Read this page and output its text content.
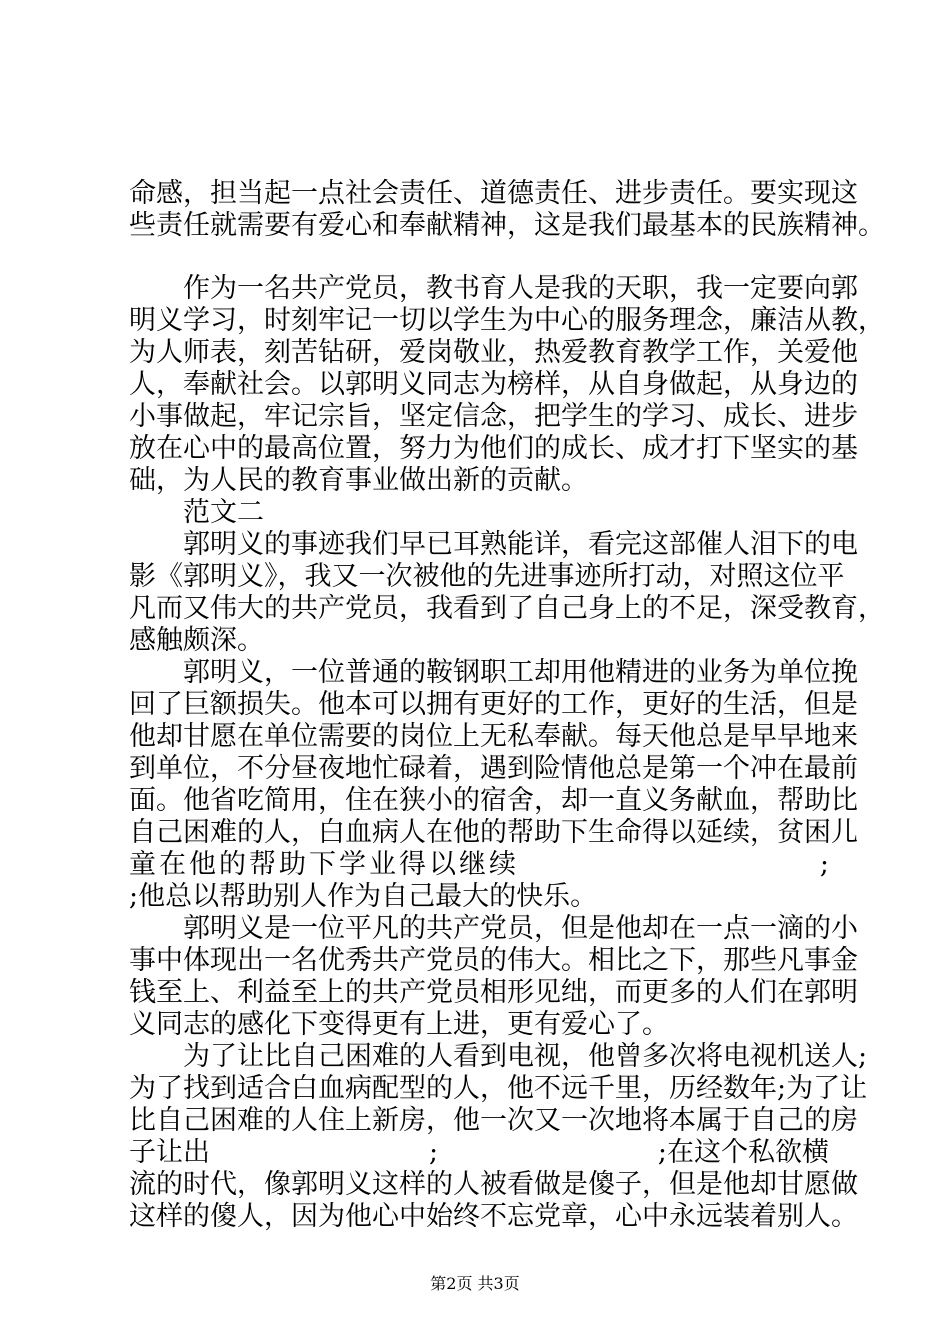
命感，担当起一点社会责任、道德责任、进步责任。要实现这
些责任就需要有爱心和奉献精神，这是我们最基本的民族精神。
作为一名共产党员，教书育人是我的天职，我一定要向郭
明义学习，时刻牢记一切以学生为中心的服务理念，廉洁从教，
为人师表，刻苦钻研，爱岗敬业，热爱教育教学工作，关爱他
人，奉献社会。以郭明义同志为榜样，从自身做起，从身边的
小事做起，牢记宗旨，坚定信念，把学生的学习、成长、进步
放在心中的最高位置，努力为他们的成长、成才打下坚实的基
础，为人民的教育事业做出新的贡献。
范文二
郭明义的事迹我们早已耳熟能详，看完这部催人泪下的电
影《郭明义》，我又一次被他的先进事迹所打动，对照这位平
凡而又伟大的共产党员，我看到了自己身上的不足，深受教育，
感触颇深。
郭明义，一位普通的鞍钢职工却用他精进的业务为单位挽
回了巨额损失。他本可以拥有更好的工作，更好的生活，但是
他却甘愿在单位需要的岗位上无私奉献。每天他总是早早地来
到单位，不分昼夜地忙碌着，遇到险情他总是第一个冲在最前
面。他省吃简用，住在狭小的宿舍，却一直义务献血，帮助比
自己困难的人，白血病人在他的帮助下生命得以延续，贫困儿
童在他的帮助下学业得以继续	;
;他总以帮助别人作为自己最大的快乐。
郭明义是一位平凡的共产党员，但是他却在一点一滴的小
事中体现出一名优秀共产党员的伟大。相比之下，那些凡事金
钱至上、利益至上的共产党员相形见绌，而更多的人们在郭明
义同志的感化下变得更有上进，更有爱心了。
为了让比自己困难的人看到电视，他曾多次将电视机送人;
为了找到适合白血病配型的人，他不远千里，历经数年;为了让
比自己困难的人住上新房，他一次又一次地将本属于自己的房
子让出	;	;在这个私欲横
流的时代，像郭明义这样的人被看做是傻子，但是他却甘愿做
这样的傻人，因为他心中始终不忘党章，心中永远装着别人。
第2页 共3页
